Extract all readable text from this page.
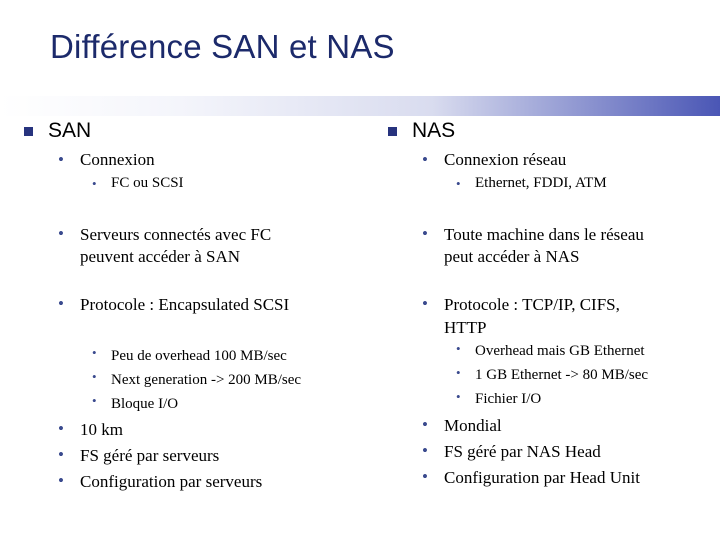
Différence SAN et NAS
SAN
• Connexion
• FC ou SCSI
• Serveurs connectés avec FC
peuvent accéder à SAN
• Protocole : Encapsulated SCSI
• Peu de overhead 100 MB/sec
• Next generation -> 200 MB/sec
• Bloque I/O
• 10 km
• FS géré par serveurs
• Configuration par serveurs
NAS
• Connexion réseau
• Ethernet, FDDI, ATM
• Toute machine dans le réseau
peut accéder à NAS
• Protocole : TCP/IP, CIFS,
HTTP
• Overhead mais GB Ethernet
• 1 GB Ethernet -> 80 MB/sec
• Fichier I/O
• Mondial
• FS géré par NAS Head
• Configuration par Head Unit
